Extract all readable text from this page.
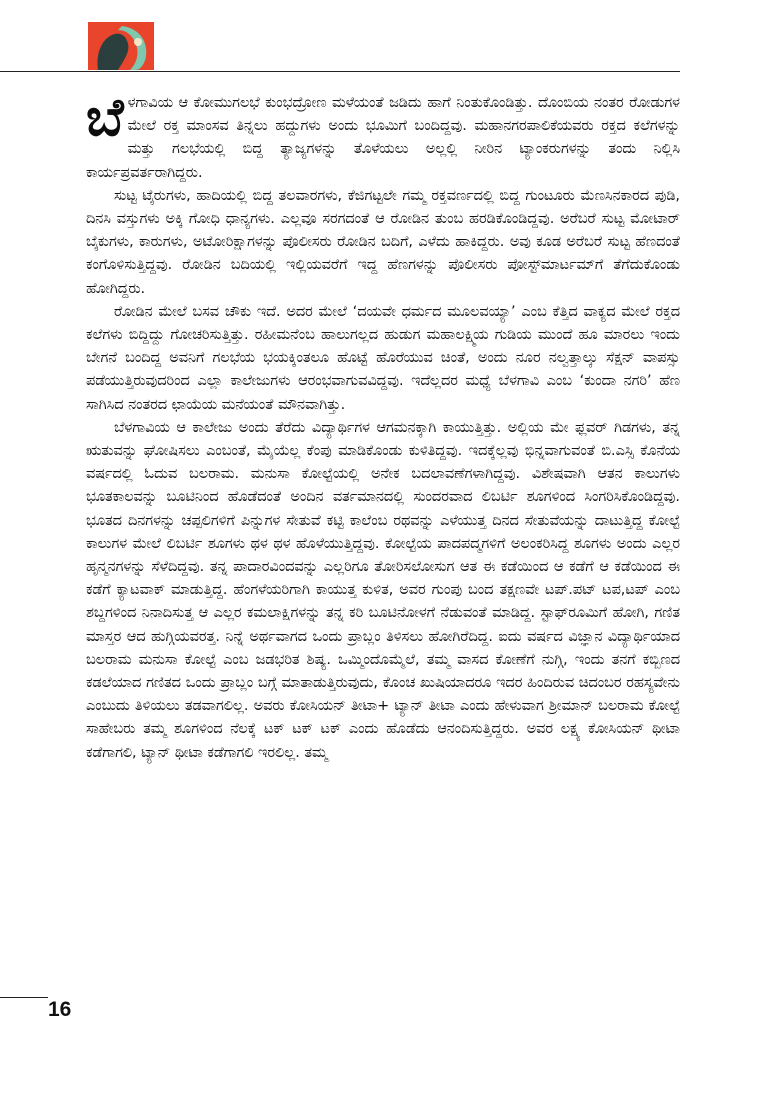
ಬೆಳಗಾವಿಯ ಆ ಕೋಮುಗಲಭೆ ಕುಂಭದ್ರೋಣ ಮಳೆಯಂತೆ ಜಡಿದು ಹಾಗೆ ನಿಂತುಕೊಂಡಿತ್ತು. ದೊಂಬಿಯ ನಂತರ ರೋಡುಗಳ ಮೇಲೆ ರಕ್ತ ಮಾಂಸವ ತಿನ್ನಲು ಹದ್ದುಗಳು ಅಂದು ಭೂಮಿಗೆ ಬಂದಿದ್ದವು. ಮಹಾನಗರಪಾಲಿಕೆಯವರು ರಕ್ತದ ಕಲೆಗಳನ್ನು ಮತ್ತು ಗಲಭೆಯಲ್ಲಿ ಬಿದ್ದ ತ್ಯಾಜ್ಯಗಳನ್ನು ತೊಳೆಯಲು ಅಲ್ಲಲ್ಲಿ ನೀರಿನ ಟ್ಯಾಂಕರುಗಳನ್ನು ತಂದು ನಿಲ್ಲಿಸಿ ಕಾರ್ಯಪ್ರವರ್ತರಾಗಿದ್ದರು.

ಸುಟ್ಟ ಟೈರುಗಳು, ಹಾದಿಯಲ್ಲಿ ಬಿದ್ದ ತಲವಾರಗಳು, ಕೆಜಿಗಟ್ಟಲೇ ಗಮ್ಮ ರಕ್ತವರ್ಣದಲ್ಲಿ ಬಿದ್ದ ಗುಂಟೂರು ಮೆಣಸಿನಕಾರದ ಪುಡಿ, ದಿನಸಿ ವಸ್ತುಗಳು ಅಕ್ಕಿ ಗೋಧಿ ಧಾನ್ಯಗಳು. ಎಲ್ಲವೂ ಸರಗದಂತೆ ಆ ರೋಡಿನ ತುಂಬ ಹರಡಿಕೊಂಡಿದ್ದವು. ಅರೆಬರೆ ಸುಟ್ಟ ಮೋಟಾರ್ ಬೈಕುಗಳು, ಕಾರುಗಳು, ಅಟೋರಿಕ್ಷಾಗಳನ್ನು ಪೊಲೀಸರು ರೋಡಿನ ಬದಿಗೆ, ಎಳೆದು ಹಾಕಿದ್ದರು. ಅವು ಕೂಡ ಅರೆಬರೆ ಸುಟ್ಟ ಹೆಣದಂತೆ ಕಂಗೊಳಿಸುತ್ತಿದ್ದವು. ರೋಡಿನ ಬದಿಯಲ್ಲಿ ಇಲ್ಲಿಯವರೆಗೆ ಇದ್ದ ಹೆಣಗಳನ್ನು ಪೊಲೀಸರು ಪೋಸ್ಟ್‌ಮಾರ್ಟಮ್‌ಗೆ ತೆಗೆದುಕೊಂಡು ಹೋಗಿದ್ದರು.

ರೋಡಿನ ಮೇಲೆ ಬಸವ ಚೌಕು ಇದೆ. ಅದರ ಮೇಲೆ ‘ದಯವೇ ಧರ್ಮದ ಮೂಲವಯ್ಯಾ’ ಎಂಬ ಕೆತ್ತಿದ ವಾಕ್ಯದ ಮೇಲೆ ರಕ್ತದ ಕಲೆಗಳು ಬಿದ್ದಿದ್ದು ಗೋಚರಿಸುತ್ತಿತ್ತು. ರಹೀಮನೆಂಬ ಹಾಲುಗಲ್ಲದ ಹುಡುಗ ಮಹಾಲಕ್ಷ್ಮಿಯ ಗುಡಿಯ ಮುಂದೆ ಹೂ ಮಾರಲು ಇಂದು ಬೇಗನೆ ಬಂದಿದ್ದ ಅವನಿಗೆ ಗಲಭೆಯ ಭಯಕ್ಕಿಂತಲೂ ಹೊಟ್ಟೆ ಹೊರೆಯುವ ಚಿಂತೆ, ಅಂದು ನೂರ ನಲ್ವತ್ತಾಲ್ಕು ಸೆಕ್ಷನ್ ವಾಪಸ್ಸು ಪಡೆಯುತ್ತಿರುವುದರಿಂದ ಎಲ್ಲಾ ಕಾಲೇಜುಗಳು ಆರಂಭವಾಗುವವಿದ್ದವು. ಇದೆಲ್ಲದರ ಮಧ್ಯೆ ಬೆಳಗಾವಿ ಎಂಬ ‘ಕುಂದಾ ನಗರಿ’ ಹೆಣ ಸಾಗಿಸಿದ ನಂತರದ ಛಾಯೆಯ ಮನೆಯಂತೆ ಮೌನವಾಗಿತ್ತು.

ಬೆಳಗಾವಿಯ ಆ ಕಾಲೇಜು ಅಂದು ತೆರೆದು ವಿದ್ಯಾರ್ಥಿಗಳ ಆಗಮನಕ್ಕಾಗಿ ಕಾಯುತ್ತಿತ್ತು. ಅಲ್ಲಿಯ ಮೇ ಫ್ಲವರ್ ಗಿಡಗಳು, ತನ್ನ ಋತುವನ್ನು ಘೋಷಿಸಲು ಎಂಬಂತೆ, ಮೈಯೆಲ್ಲ ಕೆಂಪು ಮಾಡಿಕೊಂಡು ಕುಳಿತಿದ್ದವು. ಇದಕ್ಕೆಲ್ಲವು ಭಿನ್ನವಾಗುವಂತೆ ಬಿ.ಎಸ್ಸಿ ಕೊನೆಯ ವರ್ಷದಲ್ಲಿ ಓದುವ ಬಲರಾಮ. ಮನುಸಾ ಕೋಲ್ಟೆಯಲ್ಲಿ ಅನೇಕ ಬದಲಾವಣೆಗಳಾಗಿದ್ದವು. ವಿಶೇಷವಾಗಿ ಆತನ ಕಾಲುಗಳು ಭೂತಕಾಲವನ್ನು ಬೂಟಿನಿಂದ ಹೊಡೆದಂತೆ ಅಂದಿನ ವರ್ತಮಾನದಲ್ಲಿ ಸುಂದರವಾದ ಲಿಬರ್ಟಿ ಶೂಗಳಿಂದ ಸಿಂಗರಿಸಿಕೊಂಡಿದ್ದವು. ಭೂತದ ದಿನಗಳನ್ನು ಚಪ್ಪಲಿಗಳಿಗೆ ಪಿನ್ನುಗಳ ಸೇತುವೆ ಕಟ್ಟಿ ಕಾಲೆಂಬ ರಥವನ್ನು ಎಳೆಯುತ್ತ ದಿನದ ಸೇತುವೆಯನ್ನು ದಾಟುತ್ತಿದ್ದ ಕೋಲ್ಟೆ ಕಾಲುಗಳ ಮೇಲೆ ಲಿಬರ್ಟಿ ಶೂಗಳು ಥಳ ಥಳ ಹೊಳೆಯುತ್ತಿದ್ದವು. ಕೋಲ್ಟೆಯ ಪಾದಪದ್ಮಗಳಿಗೆ ಅಲಂಕರಿಸಿದ್ದ ಶೂಗಳು ಅಂದು ಎಲ್ಲರ ಹೃನ್ಮನಗಳನ್ನು ಸೆಳೆದಿದ್ದವು. ತನ್ನ ಪಾದಾರವಿಂದವನ್ನು ಎಲ್ಲರಿಗೂ ತೋರಿಸಲೋಸುಗ ಆತ ಈ ಕಡೆಯಿಂದ ಆ ಕಡೆಗೆ ಆ ಕಡೆಯಿಂದ ಈ ಕಡೆಗೆ ಕ್ಯಾಟವಾಕ್ ಮಾಡುತ್ತಿದ್ದ. ಹೆಂಗಳೆಯರಿಗಾಗಿ ಕಾಯುತ್ತ ಕುಳಿತ, ಅವರ ಗುಂಪು ಬಂದ ತಕ್ಷಣವೇ ಟಪ್.ಪಟ್ ಟಪ,ಟಪ್ ಎಂಬ ಶಬ್ದಗಳಿಂದ ನಿನಾದಿಸುತ್ತ ಆ ಎಲ್ಲರ ಕಮಲಾಕ್ಷಿಗಳನ್ನು ತನ್ನ ಕರಿ ಬೂಟಿನೋಳಗೆ ನೆಡುವಂತೆ ಮಾಡಿದ್ದ. ಸ್ಟಾಫ್‌ರೂಮಿಗೆ ಹೋಗಿ, ಗಣಿತ ಮಾಸ್ತರ ಆದ ಹುಗ್ಗಿಯವರತ್ತ. ನಿನ್ನೆ ಅರ್ಥವಾಗದ ಒಂದು ಪ್ರಾಬ್ಲಂ ತಿಳಿಸಲು ಹೋಗಿರೆದಿದ್ದ. ಐದು ವರ್ಷದ ವಿಜ್ಞಾನ ವಿದ್ಯಾರ್ಥಿಯಾದ ಬಲರಾಮ ಮನುಸಾ ಕೋಲ್ಟೆ ಎಂಬ ಜಡಭರಿತ ಶಿಷ್ಯ. ಒಮ್ಮಿಂದೊಮ್ಮೆಲೆ, ತಮ್ಮ ವಾಸದ ಕೋಣೆಗೆ ನುಗ್ಗಿ, ಇಂದು ತನಗೆ ಕಬ್ಬಿಣದ ಕಡಲೆಯಾದ ಗಣಿತದ ಒಂದು ಪ್ರಾಬ್ಲಂ ಬಗ್ಗೆ ಮಾತಾಡುತ್ತಿರುವುದು, ಕೊಂಚ ಖುಷಿಯಾದರೂ ಇದರ ಹಿಂದಿರುವ ಚಿದಂಬರ ರಹಸ್ಯವೇನು ಎಂಬುದು ತಿಳಿಯಲು ತಡವಾಗಲಿಲ್ಲ. ಅವರು ಕೋಸಿಯನ್ ತೀಟಾ+ ಟ್ಯಾನ್ ತೀಟಾ ಎಂದು ಹೇಳುವಾಗ ಶ್ರೀಮಾನ್ ಬಲರಾಮ ಕೋಲ್ಟೆ ಸಾಹೇಬರು ತಮ್ಮ ಶೂಗಳಿಂದ ನೆಲಕ್ಕೆ ಟಕ್ ಟಕ್ ಟಕ್ ಎಂದು ಹೊಡೆದು ಆನಂದಿಸುತ್ತಿದ್ದರು. ಅವರ ಲಕ್ಷ್ಯ ಕೋಸಿಯನ್ ಥೀಟಾ ಕಡೆಗಾಗಲಿ, ಟ್ಯಾನ್ ಥೀಟಾ ಕಡೆಗಾಗಲಿ ಇರಲಿಲ್ಲ. ತಮ್ಮ

16
